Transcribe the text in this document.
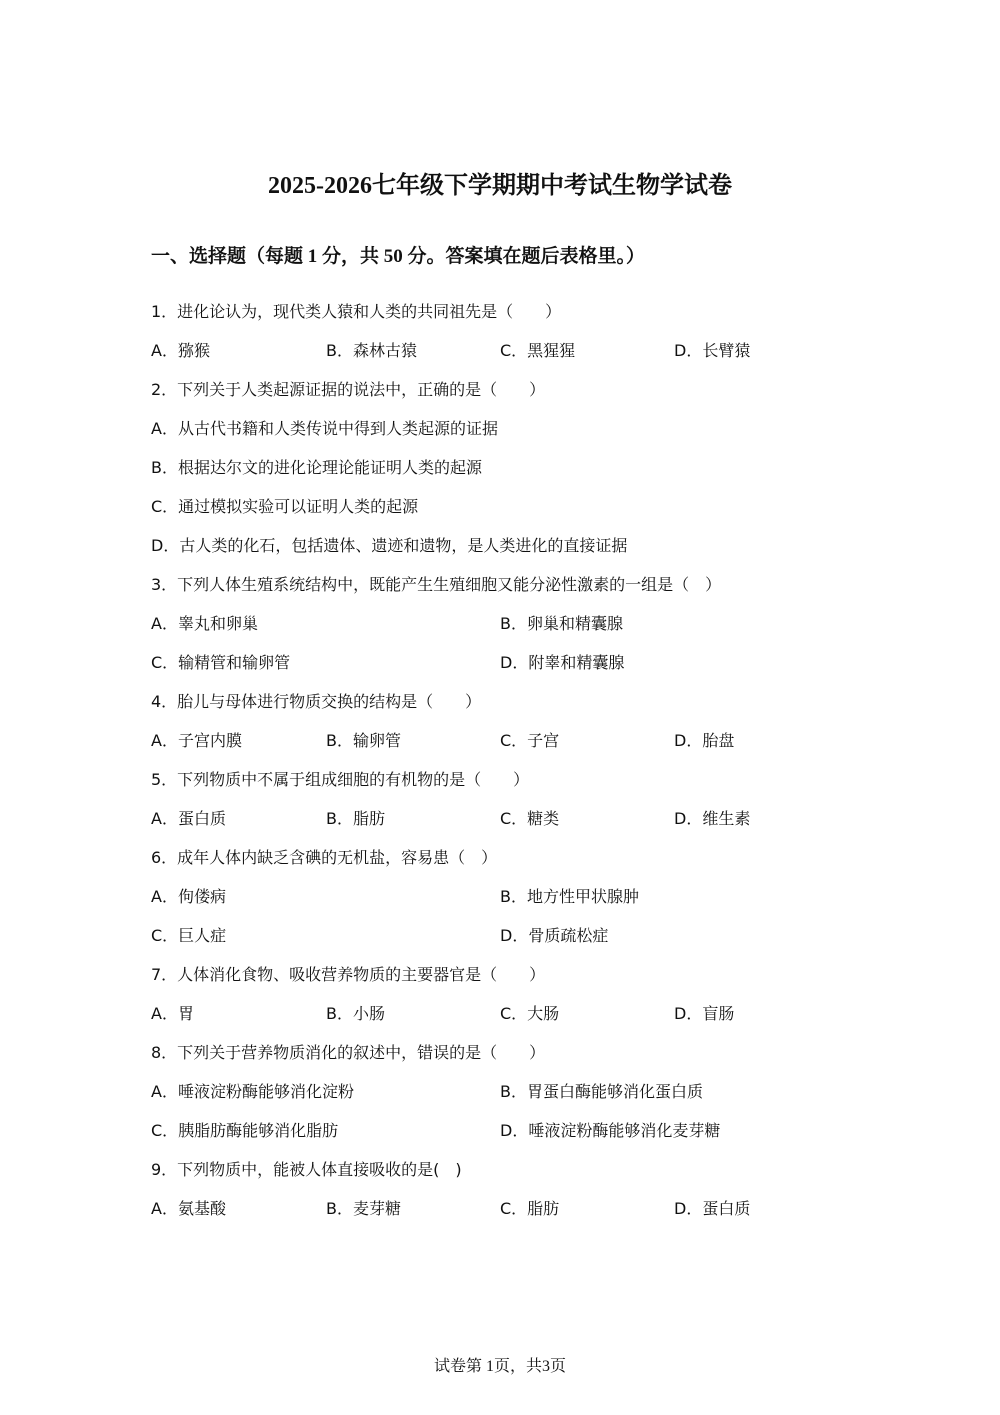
2025-2026七年级下学期期中考试生物学试卷
一、选择题（每题 1 分，共 50 分。答案填在题后表格里。）
1．进化论认为，现代类人猿和人类的共同祖先是（　　）
A．猕猴	B．森林古猿	C．黑猩猩	D．长臂猿
2．下列关于人类起源证据的说法中，正确的是（　　）
A．从古代书籍和人类传说中得到人类起源的证据
B．根据达尔文的进化论理论能证明人类的起源
C．通过模拟实验可以证明人类的起源
D．古人类的化石，包括遗体、遗迹和遗物，是人类进化的直接证据
3．下列人体生殖系统结构中，既能产生生殖细胞又能分泌性激素的一组是（　）
A．睾丸和卵巢	B．卵巢和精囊腺
C．输精管和输卵管	D．附睾和精囊腺
4．胎儿与母体进行物质交换的结构是（　　）
A．子宫内膜	B．输卵管	C．子宫	D．胎盘
5．下列物质中不属于组成细胞的有机物的是（　　）
A．蛋白质	B．脂肪	C．糖类	D．维生素
6．成年人体内缺乏含碘的无机盐，容易患（　）
A．佝偻病	B．地方性甲状腺肿
C．巨人症	D．骨质疏松症
7．人体消化食物、吸收营养物质的主要器官是（　　）
A．胃	B．小肠	C．大肠	D．盲肠
8．下列关于营养物质消化的叙述中，错误的是（　　）
A．唾液淀粉酶能够消化淀粉	B．胃蛋白酶能够消化蛋白质
C．胰脂肪酶能够消化脂肪	D．唾液淀粉酶能够消化麦芽糖
9．下列物质中，能被人体直接吸收的是(　)
A．氨基酸	B．麦芽糖	C．脂肪	D．蛋白质
试卷第 1页，共3页
